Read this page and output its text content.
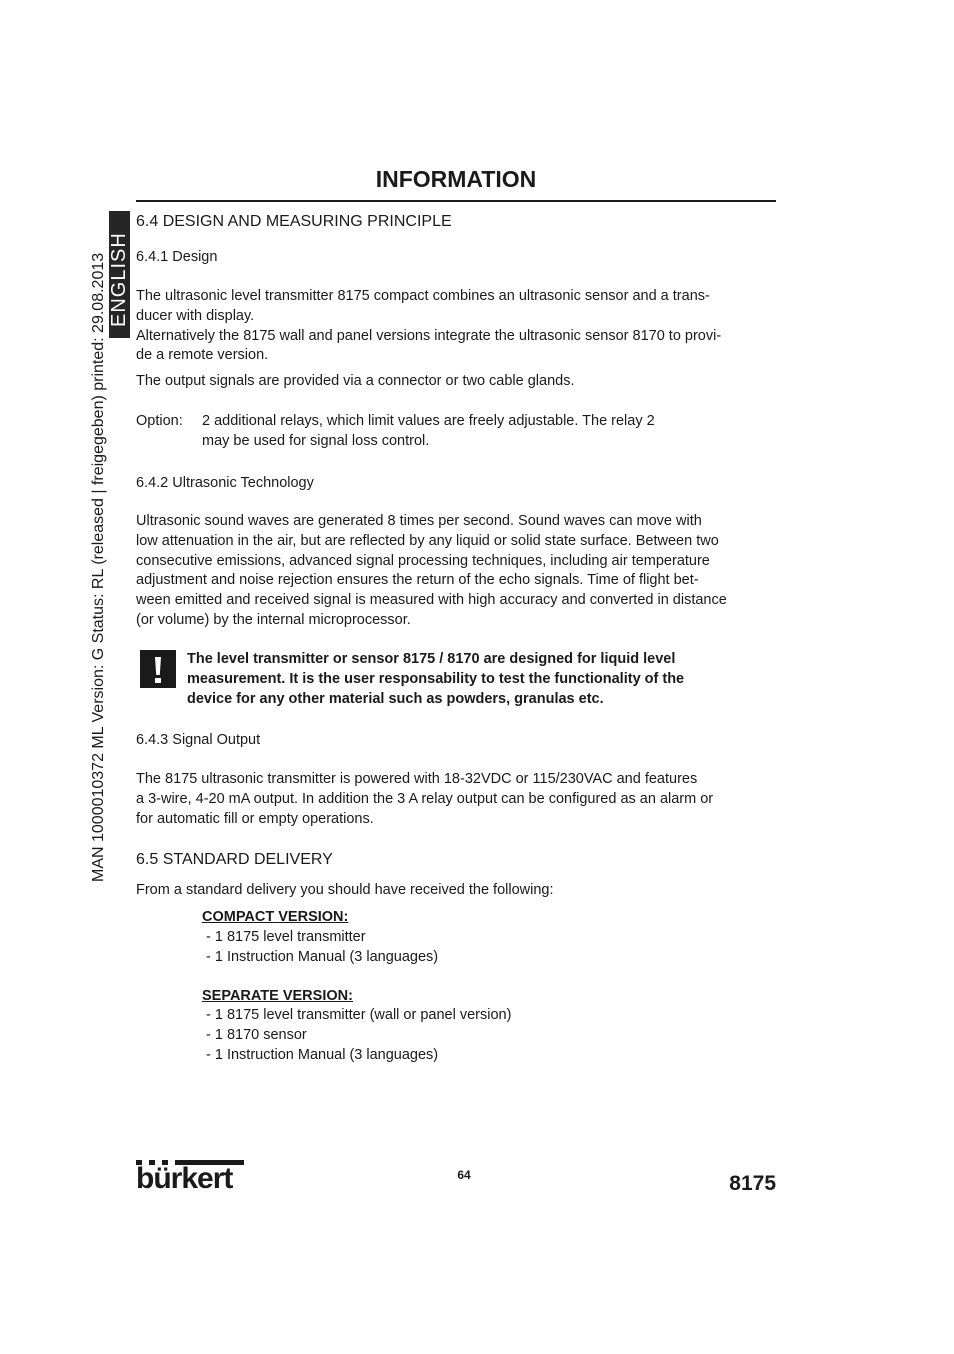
MAN 1000010372 ML Version: G Status: RL (released | freigegeben) printed: 29.08.2013 ENGLISH
INFORMATION
6.4 DESIGN AND MEASURING PRINCIPLE
6.4.1 Design
The ultrasonic level transmitter 8175 compact combines an ultrasonic sensor and a trans-
ducer with display.
Alternatively the 8175 wall and panel versions integrate the ultrasonic sensor 8170 to provi-
de a remote version.
The output signals are provided via a connector or two cable glands.
Option: 2 additional relays, which limit values are freely adjustable. The relay 2
may be used for signal loss control.
6.4.2 Ultrasonic Technology
Ultrasonic sound waves are generated 8 times per second. Sound waves can move with
low attenuation in the air, but are reflected by any liquid or solid state surface. Between two
consecutive emissions, advanced signal processing techniques, including air temperature
adjustment and noise rejection ensures the return of the echo signals. Time of flight bet-
ween emitted and received signal is measured with high accuracy and converted in distance
(or volume) by the internal microprocessor.
The level transmitter or sensor 8175 / 8170 are designed for liquid level
measurement. It is the user responsability to test the functionality of the
device for any other material such as powders, granulas etc.
6.4.3 Signal Output
The 8175 ultrasonic transmitter is powered with 18-32VDC or 115/230VAC and features
a 3-wire, 4-20 mA output. In addition the 3 A relay output can be configured as an alarm or
for automatic fill or empty operations.
6.5 STANDARD DELIVERY
From a standard delivery you should have received the following:
COMPACT VERSION:
- 1 8175 level transmitter
- 1 Instruction Manual (3 languages)
SEPARATE VERSION:
- 1 8175 level transmitter (wall or panel version)
- 1 8170 sensor
- 1 Instruction Manual (3 languages)
bürkert	64	8175
